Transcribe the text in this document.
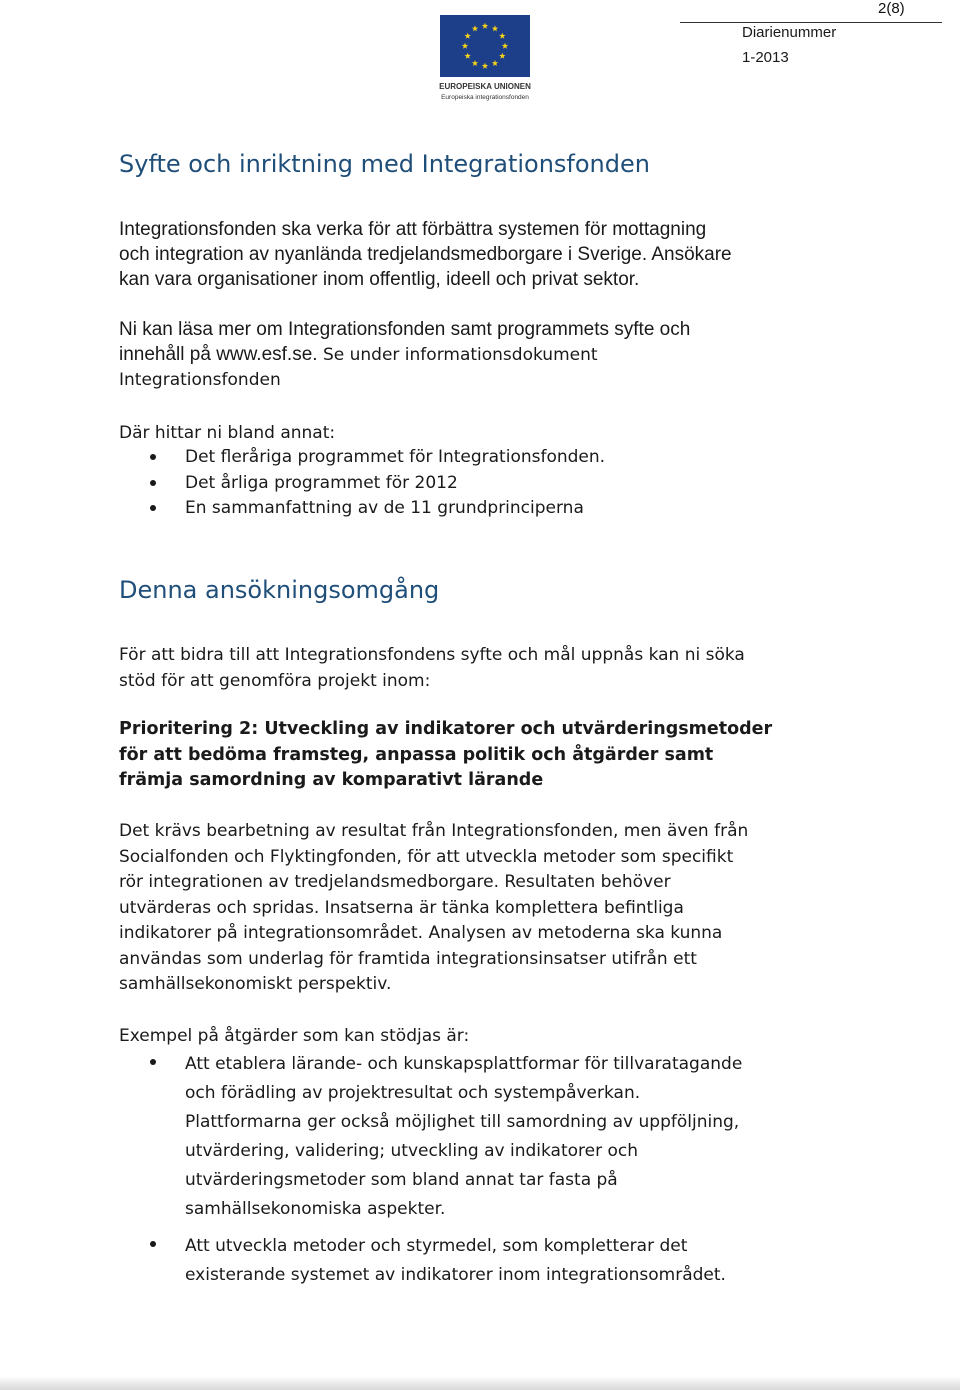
2(8)
EUROPEISKA UNIONEN
Europeiska integrationsfonden
Diarienummer
1-2013
Syfte och inriktning med Integrationsfonden
Integrationsfonden ska verka för att förbättra systemen för mottagning
och integration av nyanlända tredjelandsmedborgare i Sverige. Ansökare
kan vara organisationer inom offentlig, ideell och privat sektor.
Ni kan läsa mer om Integrationsfonden samt programmets syfte och
innehåll på www.esf.se. Se under informationsdokument
Integrationsfonden
Där hittar ni bland annat:
Det fleråriga programmet för Integrationsfonden.
Det årliga programmet för 2012
En sammanfattning av de 11 grundprinciperna
Denna ansökningsomgång
För att bidra till att Integrationsfondens syfte och mål uppnås kan ni söka
stöd för att genomföra projekt inom:
Prioritering 2: Utveckling av indikatorer och utvärderingsmetoder
för att bedöma framsteg, anpassa politik och åtgärder samt
främja samordning av komparativt lärande
Det krävs bearbetning av resultat från Integrationsfonden, men även från
Socialfonden och Flyktingfonden, för att utveckla metoder som specifikt
rör integrationen av tredjelandsmedborgare. Resultaten behöver
utvärderas och spridas. Insatserna är tänka komplettera befintliga
indikatorer på integrationsområdet. Analysen av metoderna ska kunna
användas som underlag för framtida integrationsinsatser utifrån ett
samhällsekonomiskt perspektiv.
Exempel på åtgärder som kan stödjas är:
Att etablera lärande- och kunskapsplattformar för tillvaratagande
och förädling av projektresultat och systempåverkan.
Plattformarna ger också möjlighet till samordning av uppföljning,
utvärdering, validering; utveckling av indikatorer och
utvärderingsmetoder som bland annat tar fasta på
samhällsekonomiska aspekter.
Att utveckla metoder och styrmedel, som kompletterar det
existerande systemet av indikatorer inom integrationsområdet.
